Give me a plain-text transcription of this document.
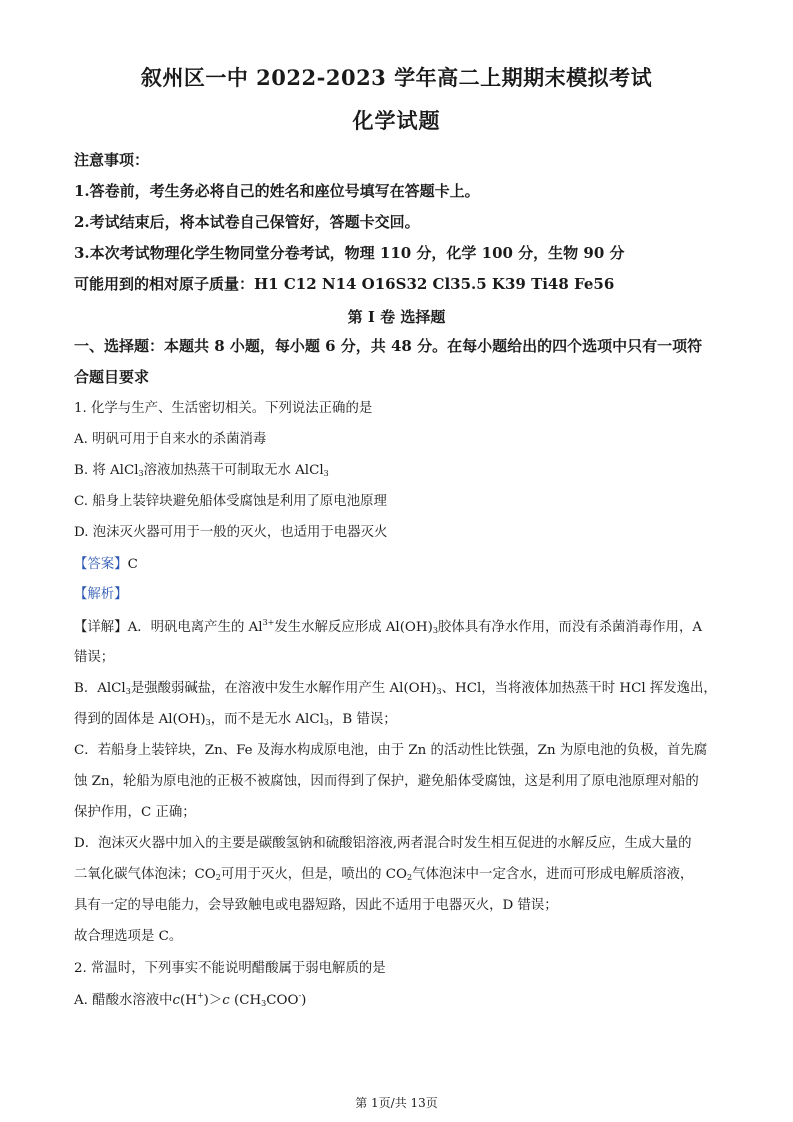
叙州区一中 2022-2023 学年高二上期期末模拟考试
化学试题
注意事项：
1.答卷前，考生务必将自己的姓名和座位号填写在答题卡上。
2.考试结束后，将本试卷自己保管好，答题卡交回。
3.本次考试物理化学生物同堂分卷考试，物理 110 分，化学 100 分，生物 90 分
可能用到的相对原子质量：H1 C12 N14 O16S32 Cl35.5 K39 Ti48 Fe56
第 I 卷 选择题
一、选择题：本题共 8 小题，每小题 6 分，共 48 分。在每小题给出的四个选项中只有一项符
合题目要求
1. 化学与生产、生活密切相关。下列说法正确的是
A. 明矾可用于自来水的杀菌消毒
B. 将 AlCl$_3$溶液加热蒸干可制取无水 AlCl$_3$
C. 船身上装锌块避免船体受腐蚀是利用了原电池原理
D. 泡沫灭火器可用于一般的灭火，也适用于电器灭火
【答案】C
【解析】
【详解】A．明矾电离产生的 $Al^{3+}$发生水解反应形成 $Al(OH)_3$胶体具有净水作用，而没有杀菌消毒作用，A
错误；
B．AlCl$_3$是强酸弱碱盐，在溶液中发生水解作用产生 $Al(OH)_3$、HCl，当将液体加热蒸干时 HCl 挥发逸出，
得到的固体是 $Al(OH)_3$，而不是无水 AlCl$_3$，B 错误；
C．若船身上装锌块，Zn、Fe 及海水构成原电池，由于 Zn 的活动性比铁强，Zn 为原电池的负极，首先腐
蚀 Zn，轮船为原电池的正极不被腐蚀，因而得到了保护，避免船体受腐蚀，这是利用了原电池原理对船的
保护作用，C 正确；
D．泡沫灭火器中加入的主要是碳酸氢钠和硫酸铝溶液,两者混合时发生相互促进的水解反应，生成大量的
二氧化碳气体泡沫；$CO_2$可用于灭火，但是，喷出的 $CO_2$气体泡沫中一定含水，进而可形成电解质溶液，
具有一定的导电能力，会导致触电或电器短路，因此不适用于电器灭火，D 错误；
故合理选项是 C。
2. 常温时，下列事实不能说明醋酸属于弱电解质的是
A. 醋酸水溶液中c(H+)＞c $(CH_3COO^-)$
第 1页/共 13页
